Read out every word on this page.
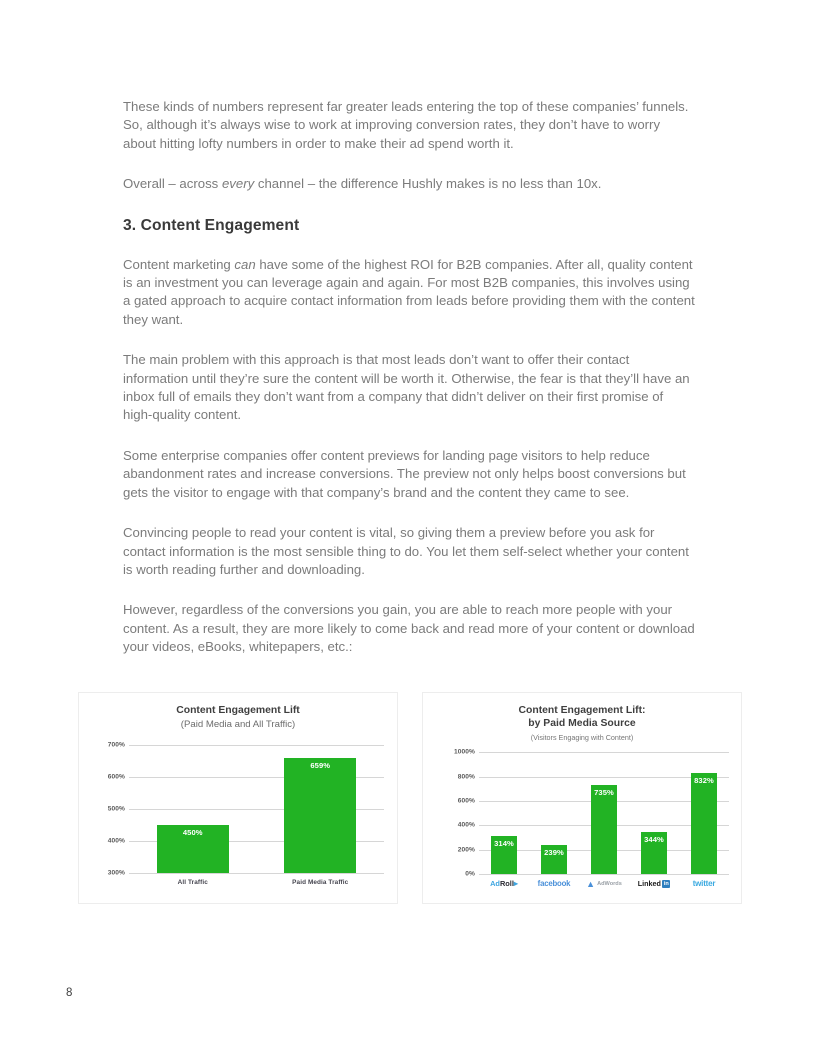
These kinds of numbers represent far greater leads entering the top of these companies’ funnels. So, although it’s always wise to work at improving conversion rates, they don’t have to worry about hitting lofty numbers in order to make their ad spend worth it.

Overall – across every channel – the difference Hushly makes is no less than 10x.

3. Content Engagement

Content marketing can have some of the highest ROI for B2B companies. After all, quality content is an investment you can leverage again and again. For most B2B companies, this involves using a gated approach to acquire contact information from leads before providing them with the content they want.

The main problem with this approach is that most leads don’t want to offer their contact information until they’re sure the content will be worth it. Otherwise, the fear is that they’ll have an inbox full of emails they don’t want from a company that didn’t deliver on their first promise of high-quality content.

Some enterprise companies offer content previews for landing page visitors to help reduce abandonment rates and increase conversions. The preview not only helps boost conversions but gets the visitor to engage with that company’s brand and the content they came to see.

Convincing people to read your content is vital, so giving them a preview before you ask for contact information is the most sensible thing to do. You let them self-select whether your content is worth reading further and downloading.

However, regardless of the conversions you gain, you are able to reach more people with your content. As a result, they are more likely to come back and read more of your content or download your videos, eBooks, whitepapers, etc.:

Content Engagement Lift
(Paid Media and All Traffic)
700%
600%
500%
400%
300%
450%
659%
All Traffic	Paid Media Traffic
Content Engagement Lift:
by Paid Media Source
(Visitors Engaging with Content)
1000%
800%
600%
400%
200%
0%
314%
239%
735%
344%
832%
Ad Roll ▸	facebook ▲ AdWords Linked in	twitter
8
